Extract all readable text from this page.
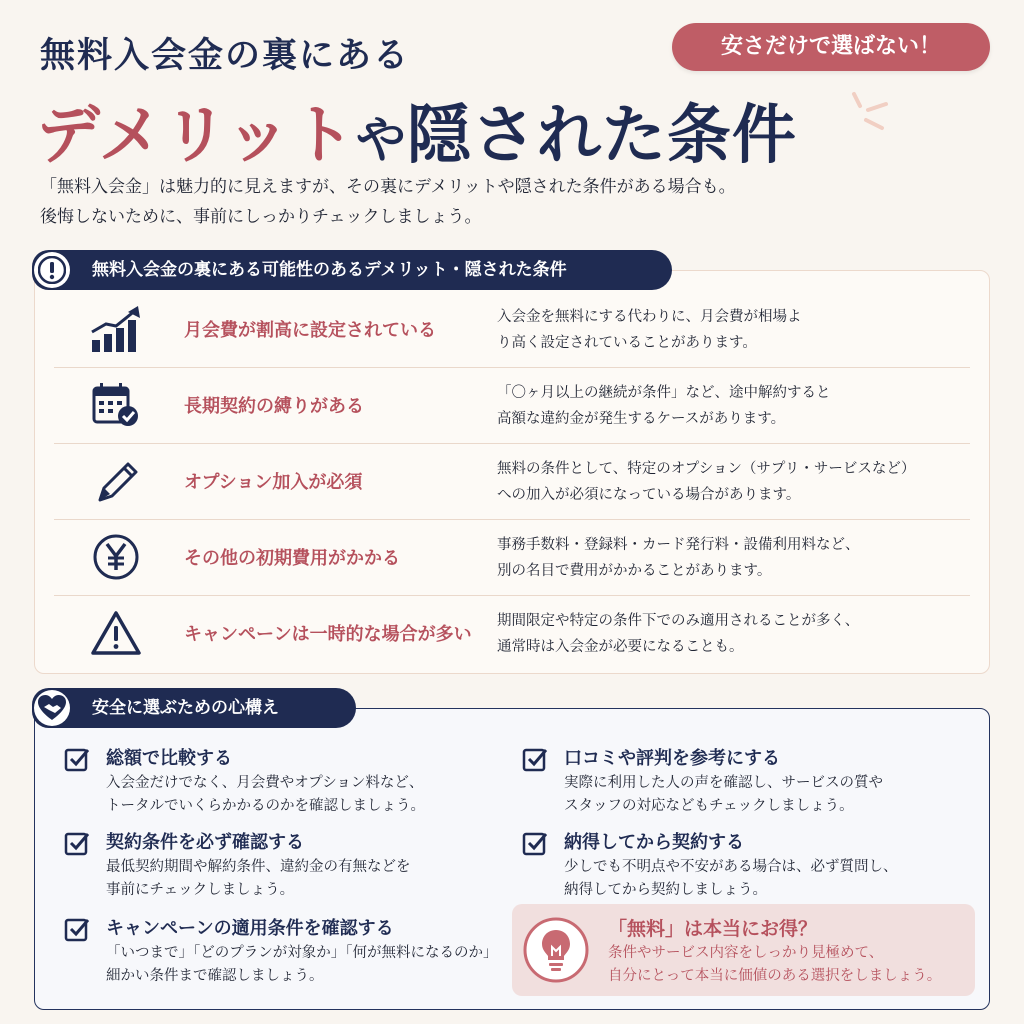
無料入会金の裏にある
デメリットや隠された条件
安さだけで選ばない！
「無料入会金」は魅力的に見えますが、その裏にデメリットや隠された条件がある場合も。
後悔しないために、事前にしっかりチェックしましょう。
無料入会金の裏にある可能性のあるデメリット・隠された条件
月会費が割高に設定されている
入会金を無料にする代わりに、月会費が相場よ
り高く設定されていることがあります。
長期契約の縛りがある
「〇ヶ月以上の継続が条件」など、途中解約すると
高額な違約金が発生するケースがあります。
オプション加入が必須
無料の条件として、特定のオプション（サプリ・サービスなど）
への加入が必須になっている場合があります。
その他の初期費用がかかる
事務手数料・登録料・カード発行料・設備利用料など、
別の名目で費用がかかることがあります。
キャンペーンは一時的な場合が多い
期間限定や特定の条件下でのみ適用されることが多く、
通常時は入会金が必要になることも。
安全に選ぶための心構え
総額で比較する
入会金だけでなく、月会費やオプション料など、
トータルでいくらかかるのかを確認しましょう。
契約条件を必ず確認する
最低契約期間や解約条件、違約金の有無などを
事前にチェックしましょう。
キャンペーンの適用条件を確認する
「いつまで」「どのプランが対象か」「何が無料になるのか」
細かい条件まで確認しましょう。
口コミや評判を参考にする
実際に利用した人の声を確認し、サービスの質や
スタッフの対応などもチェックしましょう。
納得してから契約する
少しでも不明点や不安がある場合は、必ず質問し、
納得してから契約しましょう。
「無料」は本当にお得？
条件やサービス内容をしっかり見極めて、
自分にとって本当に価値のある選択をしましょう。
